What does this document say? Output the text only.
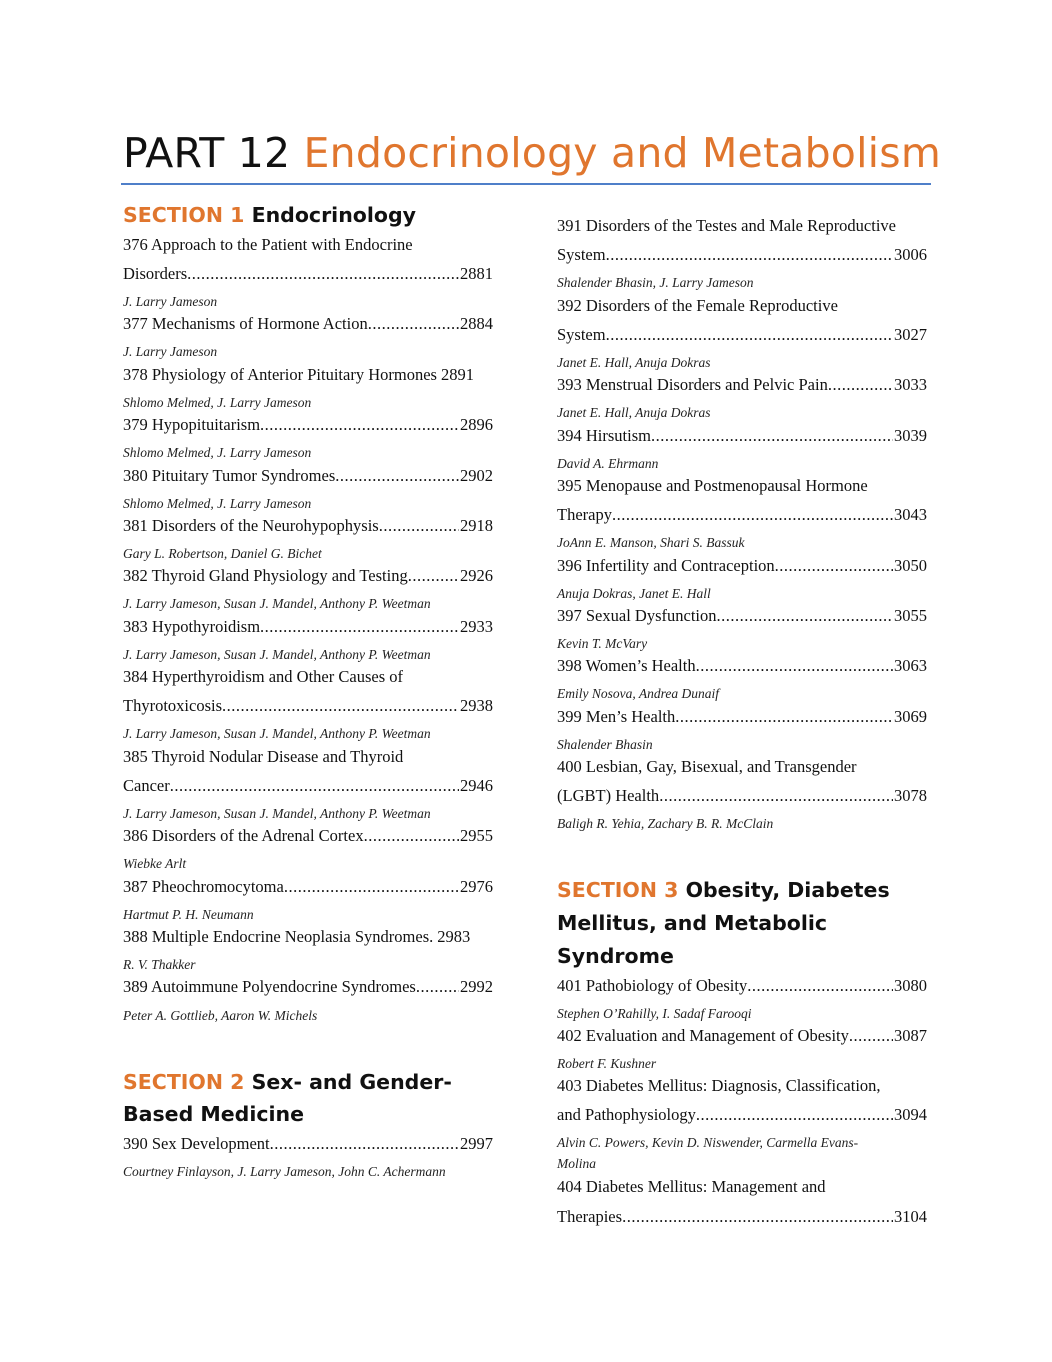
PART 12 Endocrinology and Metabolism
SECTION 1 Endocrinology
376 Approach to the Patient with Endocrine
Disorders .....	2881
J. Larry Jameson
377 Mechanisms of Hormone Action .....	2884
J. Larry Jameson
378 Physiology of Anterior Pituitary Hormones 2891
Shlomo Melmed, J. Larry Jameson
379 Hypopituitarism .....	2896
Shlomo Melmed, J. Larry Jameson
380 Pituitary Tumor Syndromes .....	2902
Shlomo Melmed, J. Larry Jameson
381 Disorders of the Neurohypophysis .....	2918
Gary L. Robertson, Daniel G. Bichet
382 Thyroid Gland Physiology and Testing .....	2926
J. Larry Jameson, Susan J. Mandel, Anthony P. Weetman
383 Hypothyroidism .....	2933
J. Larry Jameson, Susan J. Mandel, Anthony P. Weetman
384 Hyperthyroidism and Other Causes of
Thyrotoxicosis .....	2938
J. Larry Jameson, Susan J. Mandel, Anthony P. Weetman
385 Thyroid Nodular Disease and Thyroid
Cancer .....	2946
J. Larry Jameson, Susan J. Mandel, Anthony P. Weetman
386 Disorders of the Adrenal Cortex .....	2955
Wiebke Arlt
387 Pheochromocytoma .....	2976
Hartmut P. H. Neumann
388 Multiple Endocrine Neoplasia Syndromes. 2983
R. V. Thakker
389 Autoimmune Polyendocrine Syndromes .....	2992
Peter A. Gottlieb, Aaron W. Michels
SECTION 2 Sex- and Gender-
Based Medicine
390 Sex Development .....	2997
Courtney Finlayson, J. Larry Jameson, John C. Achermann
391 Disorders of the Testes and Male Reproductive
System .....	3006
Shalender Bhasin, J. Larry Jameson
392 Disorders of the Female Reproductive
System .....	3027
Janet E. Hall, Anuja Dokras
393 Menstrual Disorders and Pelvic Pain .....	3033
Janet E. Hall, Anuja Dokras
394 Hirsutism .....	3039
David A. Ehrmann
395 Menopause and Postmenopausal Hormone
Therapy .....	3043
JoAnn E. Manson, Shari S. Bassuk
396 Infertility and Contraception .....	3050
Anuja Dokras, Janet E. Hall
397 Sexual Dysfunction .....	3055
Kevin T. McVary
398 Women’s Health .....	3063
Emily Nosova, Andrea Dunaif
399 Men’s Health .....	3069
Shalender Bhasin
400 Lesbian, Gay, Bisexual, and Transgender
(LGBT) Health .....	3078
Baligh R. Yehia, Zachary B. R. McClain
SECTION 3 Obesity, Diabetes
Mellitus, and Metabolic
Syndrome
401 Pathobiology of Obesity .....	3080
Stephen O’Rahilly, I. Sadaf Farooqi
402 Evaluation and Management of Obesity .....	3087
Robert F. Kushner
403 Diabetes Mellitus: Diagnosis, Classification,
and Pathophysiology .....	3094
Alvin C. Powers, Kevin D. Niswender, Carmella Evans-
Molina
404 Diabetes Mellitus: Management and
Therapies .....	3104
